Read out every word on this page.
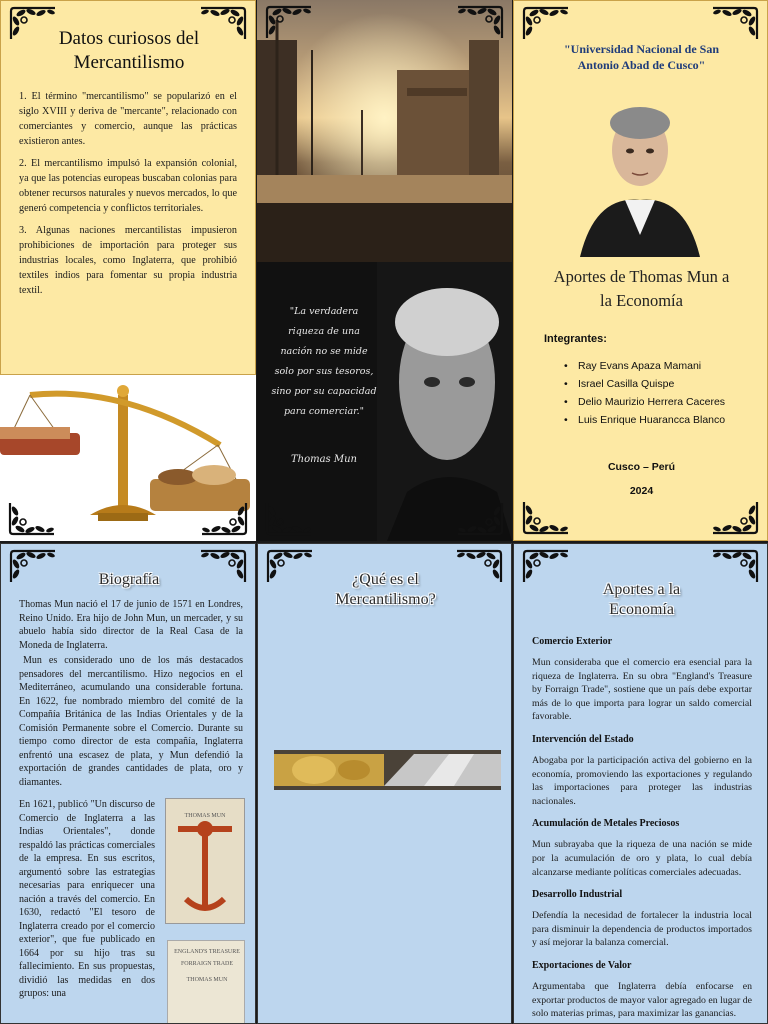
Datos curiosos del
Mercantilismo

1. El término "mercantilismo" se popularizó en el siglo XVIII y deriva de "mercante", relacionado con comerciantes y comercio, aunque las prácticas existieron antes.

2. El mercantilismo impulsó la expansión colonial, ya que las potencias europeas buscaban colonias para obtener recursos naturales y nuevos mercados, lo que generó competencia y conflictos territoriales.

3. Algunas naciones mercantilistas impusieron prohibiciones de importación para proteger sus industrias locales, como Inglaterra, que prohibió textiles indios para fomentar su propia industria textil.

"La verdadera riqueza de una nación no se mide solo por sus tesoros, sino por su capacidad para comerciar."
Thomas Mun
"Universidad Nacional de San
Antonio Abad de Cusco"
Aportes de Thomas Mun a
la Economía
Integrantes:
• Ray Evans Apaza Mamani
• Israel Casilla Quispe
• Delio Maurizio Herrera Caceres
• Luis Enrique Huarancca Blanco
Cusco – Perú
2024
Biografía

Thomas Mun nació el 17 de junio de 1571 en Londres, Reino Unido. Era hijo de John Mun, un mercader, y su abuelo había sido director de la Real Casa de la Moneda de Inglaterra.

Mun es considerado uno de los más destacados pensadores del mercantilismo. Hizo negocios en el Mediterráneo, acumulando una considerable fortuna. En 1622, fue nombrado miembro del comité de la Compañía Británica de las Indias Orientales y de la Comisión Permanente sobre el Comercio. Durante su tiempo como director de esta compañía, Inglaterra enfrentó una escasez de plata, y Mun defendió la exportación de grandes cantidades de plata, oro y diamantes.

En 1621, publicó "Un discurso de Comercio de Inglaterra a las Indias Orientales", donde respaldó las prácticas comerciales de la empresa. En sus escritos, argumentó sobre las estrategias necesarias para enriquecer una nación a través del comercio. En 1630, redactó "El tesoro de Inglaterra creado por el comercio exterior", que fue publicado en 1664 por su hijo tras su fallecimiento. En sus propuestas, dividió las medidas en dos grupos: una

THOMAS MUN
ENGLAND'S TREASURE
FORRAIGN TRADE
THOMAS MUN
¿Qué es el
Mercantilismo?
Aportes a la
Economía
Comercio Exterior

Mun consideraba que el comercio era esencial para la riqueza de Inglaterra. En su obra "England's Treasure by Forraign Trade", sostiene que un país debe exportar más de lo que importa para lograr un saldo comercial favorable.

Intervención del Estado

Abogaba por la participación activa del gobierno en la economía, promoviendo las exportaciones y regulando las importaciones para proteger las industrias nacionales.

Acumulación de Metales Preciosos

Mun subrayaba que la riqueza de una nación se mide por la acumulación de oro y plata, lo cual debía alcanzarse mediante políticas comerciales adecuadas.

Desarrollo Industrial

Defendía la necesidad de fortalecer la industria local para disminuir la dependencia de productos importados y así mejorar la balanza comercial.

Exportaciones de Valor

Argumentaba que Inglaterra debía enfocarse en exportar productos de mayor valor agregado en lugar de solo materias primas, para maximizar las ganancias.
